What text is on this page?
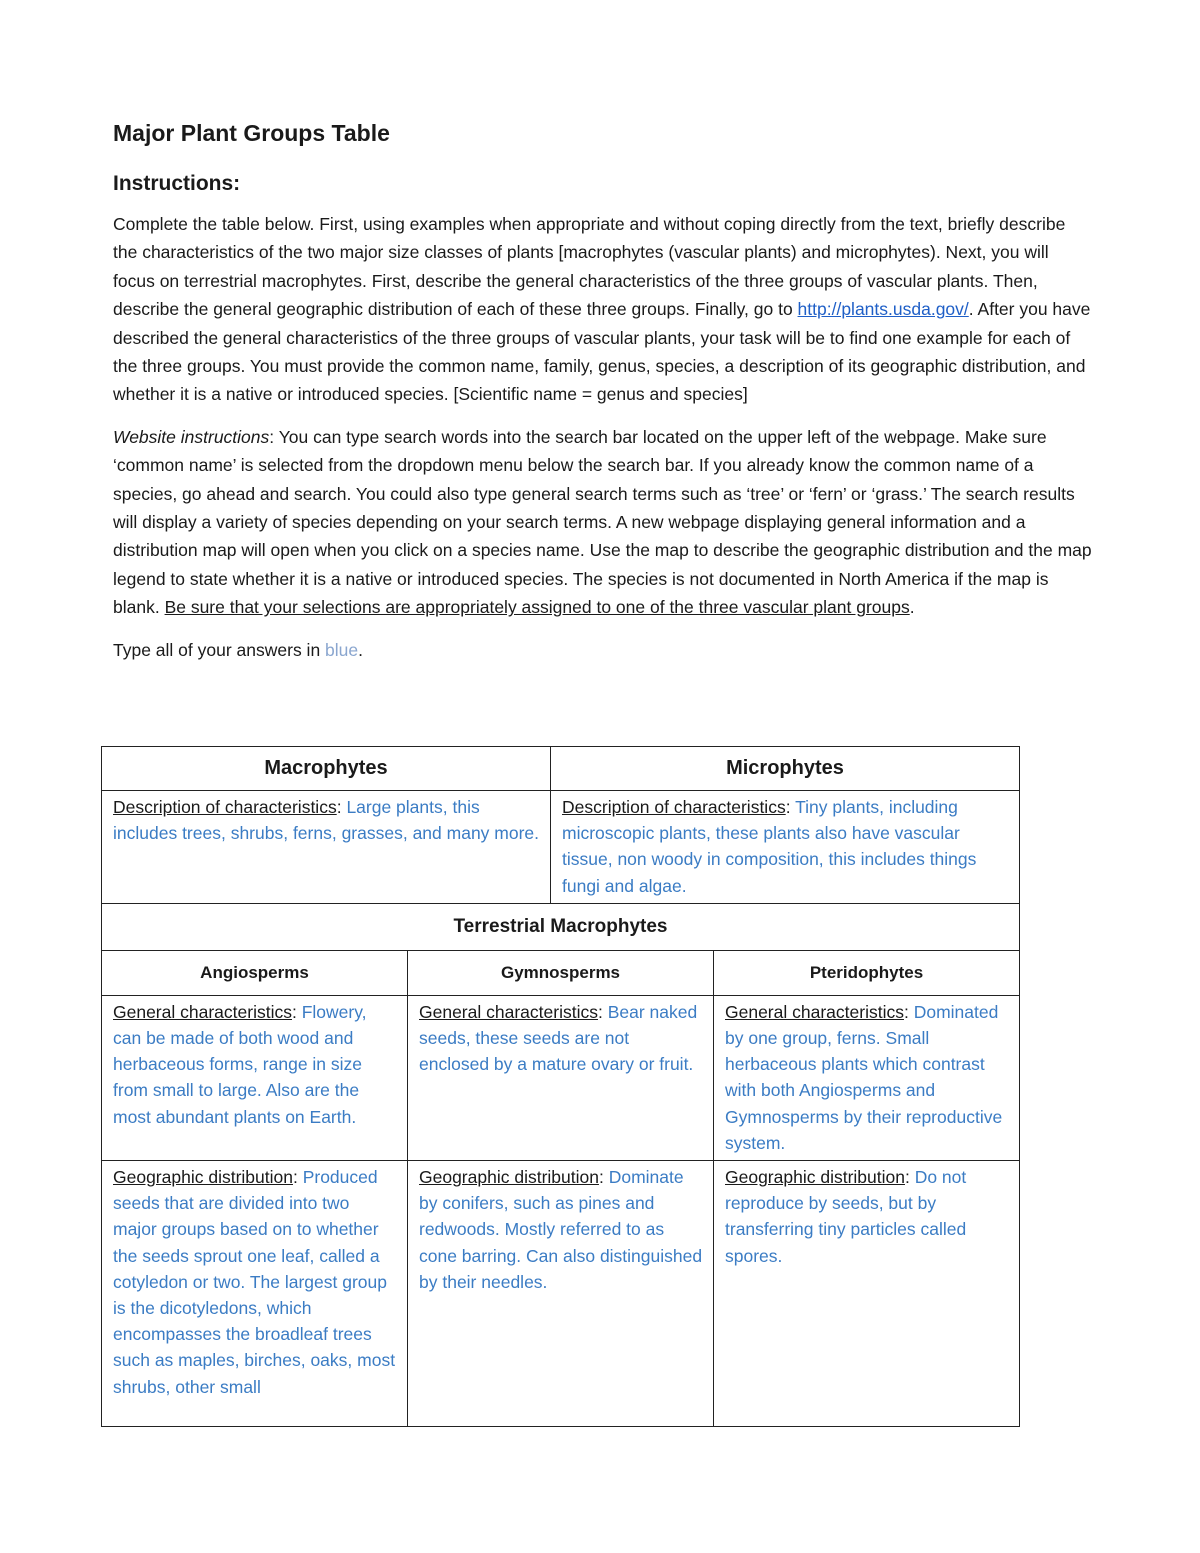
Major Plant Groups Table
Instructions:

Complete the table below. First, using examples when appropriate and without coping directly from the text, briefly describe the characteristics of the two major size classes of plants [macrophytes (vascular plants) and microphytes). Next, you will focus on terrestrial macrophytes. First, describe the general characteristics of the three groups of vascular plants. Then, describe the general geographic distribution of each of these three groups. Finally, go to http://plants.usda.gov/. After you have described the general characteristics of the three groups of vascular plants, your task will be to find one example for each of the three groups. You must provide the common name, family, genus, species, a description of its geographic distribution, and whether it is a native or introduced species. [Scientific name = genus and species]

Website instructions: You can type search words into the search bar located on the upper left of the webpage. Make sure ‘common name’ is selected from the dropdown menu below the search bar. If you already know the common name of a species, go ahead and search. You could also type general search terms such as ‘tree’ or ‘fern’ or ‘grass.’ The search results will display a variety of species depending on your search terms. A new webpage displaying general information and a distribution map will open when you click on a species name. Use the map to describe the geographic distribution and the map legend to state whether it is a native or introduced species. The species is not documented in North America if the map is blank. Be sure that your selections are appropriately assigned to one of the three vascular plant groups.

Type all of your answers in blue.

Macrophytes		Microphytes	
Description of characteristics: Large plants, this includes trees, shrubs, ferns, grasses, and many more.		Description of characteristics: Tiny plants, including microscopic plants, these plants also have vascular tissue, non woody in composition, this includes things fungi and algae.	
Terrestrial Macrophytes			
Angiosperms	Gymnosperms		Pteridophytes
General characteristics: Flowery, can be made of both wood and herbaceous forms, range in size from small to large. Also are the most abundant plants on Earth.	General characteristics: Bear naked seeds, these seeds are not enclosed by a mature ovary or fruit.		General characteristics: Dominated by one group, ferns. Small herbaceous plants which contrast with both Angiosperms and Gymnosperms by their reproductive system.

Geographic distribution: Produced seeds that are divided into two major groups based on to whether the seeds sprout one leaf, called a cotyledon or two. The largest group is the dicotyledons, which encompasses the broadleaf trees such as maples, birches, oaks, most shrubs, other small	Geographic distribution: Dominate by conifers, such as pines and redwoods. Mostly referred to as cone barring. Can also distinguished by their needles.		Geographic distribution: Do not reproduce by seeds, but by transferring tiny particles called spores.
